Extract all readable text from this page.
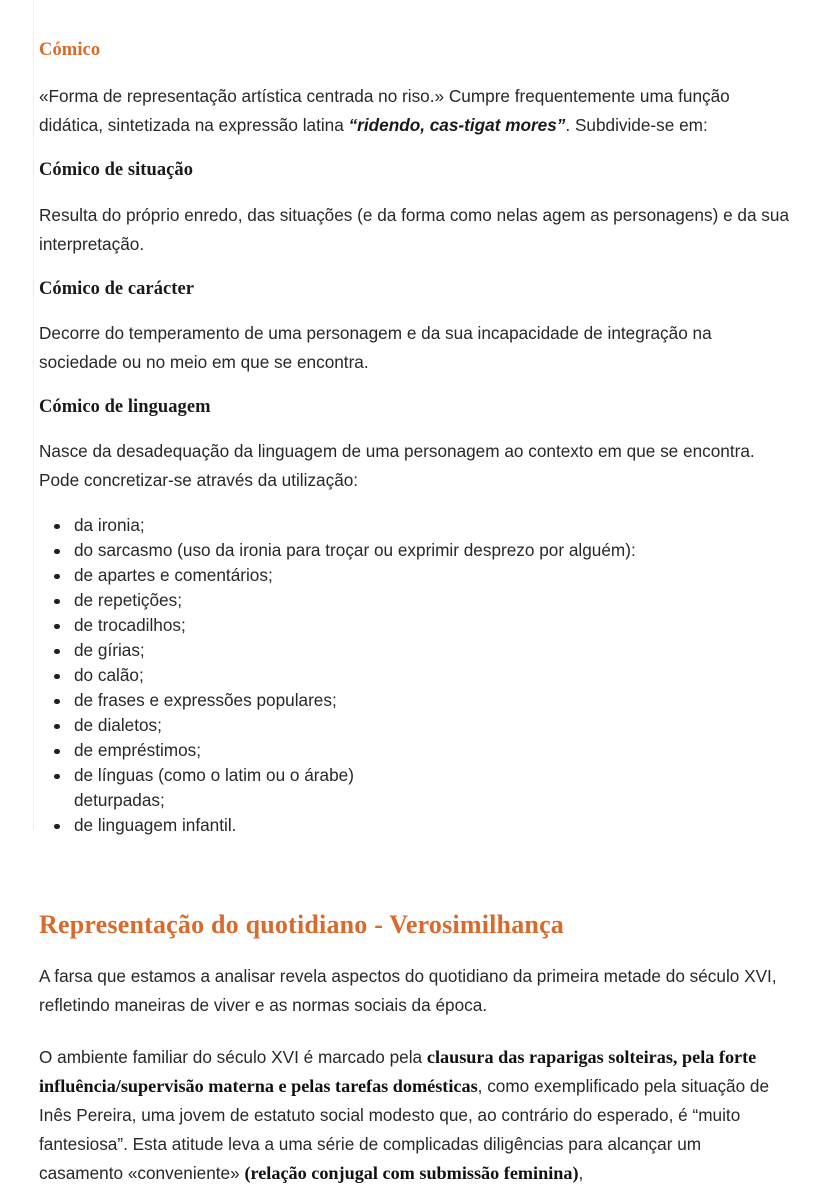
Cómico

«Forma de representação artística centrada no riso.» Cumpre frequentemente uma função didática, sintetizada na expressão latina “ridendo, cas-tigat mores”. Subdivide-se em:

Cómico de situação

Resulta do próprio enredo, das situações (e da forma como nelas agem as personagens) e da sua interpretação.

Cómico de carácter

Decorre do temperamento de uma personagem e da sua incapacidade de integração na sociedade ou no meio em que se encontra.

Cómico de linguagem

Nasce da desadequação da linguagem de uma personagem ao contexto em que se encontra. Pode concretizar-se através da utilização:

da ironia;
do sarcasmo (uso da ironia para troçar ou exprimir desprezo por alguém):
de apartes e comentários;
de repetições;
de trocadilhos;
de gírias;
do calão;
de frases e expressões populares;
de dialetos;
de empréstimos;
de línguas (como o latim ou o árabe) deturpadas;
de linguagem infantil.
Representação do quotidiano - Verosimilhança

A farsa que estamos a analisar revela aspectos do quotidiano da primeira metade do século XVI, refletindo maneiras de viver e as normas sociais da época.

O ambiente familiar do século XVI é marcado pela clausura das raparigas solteiras, pela forte influência/supervisão materna e pelas tarefas domésticas, como exemplificado pela situação de Inês Pereira, uma jovem de estatuto social modesto que, ao contrário do esperado, é “muito fantesiosa”. Esta atitude leva a uma série de complicadas diligências para alcançar um casamento «conveniente» (relação conjugal com submissão feminina),
